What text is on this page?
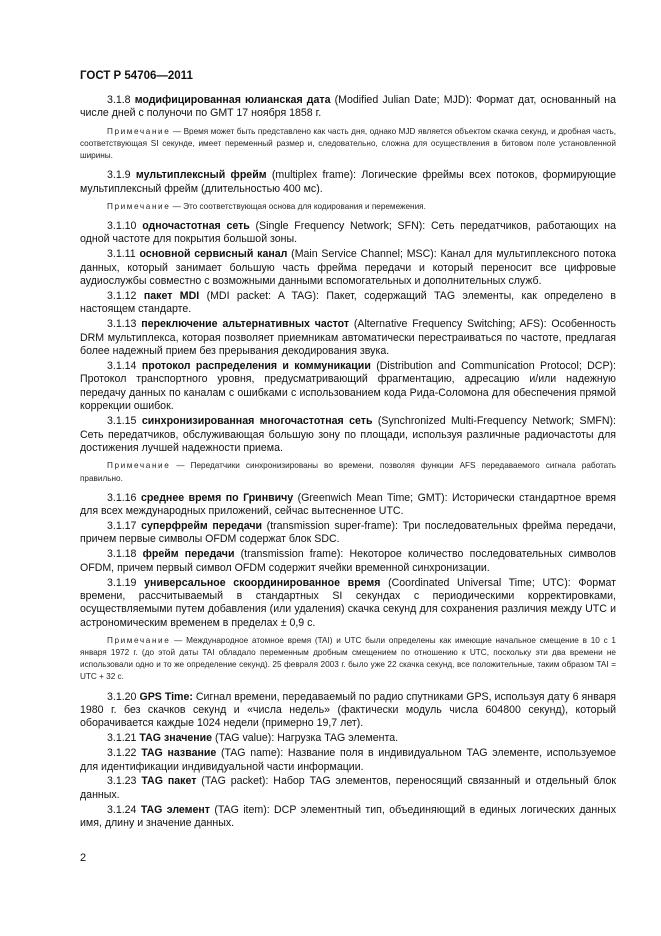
ГОСТ Р 54706—2011

3.1.8 модифицированная юлианская дата (Modified Julian Date; MJD): Формат дат, основанный на числе дней с полуночи по GMT 17 ноября 1858 г.

Примечание — Время может быть представлено как часть дня, однако MJD является объектом скачка секунд, и дробная часть, соответствующая SI секунде, имеет переменный размер и, следовательно, сложна для осуществления в битовом поле установленной ширины.

3.1.9 мультиплексный фрейм (multiplex frame): Логические фреймы всех потоков, формирующие мультиплексный фрейм (длительностью 400 мс).

Примечание — Это соответствующая основа для кодирования и перемежения.

3.1.10 одночастотная сеть (Single Frequency Network; SFN): Сеть передатчиков, работающих на одной частоте для покрытия большой зоны.

3.1.11 основной сервисный канал (Main Service Channel; MSC): Канал для мультиплексного потока данных, который занимает большую часть фрейма передачи и который переносит все цифровые аудиослужбы совместно с возможными данными вспомогательных и дополнительных служб.

3.1.12 пакет MDI (MDI packet: A TAG): Пакет, содержащий TAG элементы, как определено в настоящем стандарте.

3.1.13 переключение альтернативных частот (Alternative Frequency Switching; AFS): Особенность DRM мультиплекса, которая позволяет приемникам автоматически перестраиваться по частоте, предлагая более надежный прием без прерывания декодирования звука.

3.1.14 протокол распределения и коммуникации (Distribution and Communication Protocol; DCP): Протокол транспортного уровня, предусматривающий фрагментацию, адресацию и/или надежную передачу данных по каналам с ошибками с использованием кода Рида-Соломона для обеспечения прямой коррекции ошибок.

3.1.15 синхронизированная многочастотная сеть (Synchronized Multi-Frequency Network; SMFN): Сеть передатчиков, обслуживающая большую зону по площади, используя различные радиочастоты для достижения лучшей надежности приема.

Примечание — Передатчики синхронизированы во времени, позволяя функции AFS передаваемого сигнала работать правильно.

3.1.16 среднее время по Гринвичу (Greenwich Mean Time; GMT): Исторически стандартное время для всех международных приложений, сейчас вытесненное UTC.

3.1.17 суперфрейм передачи (transmission super-frame): Три последовательных фрейма передачи, причем первые символы OFDM содержат блок SDC.

3.1.18 фрейм передачи (transmission frame): Некоторое количество последовательных символов OFDM, причем первый символ OFDM содержит ячейки временной синхронизации.

3.1.19 универсальное скоординированное время (Coordinated Universal Time; UTC): Формат времени, рассчитываемый в стандартных SI секундах с периодическими корректировками, осуществляемыми путем добавления (или удаления) скачка секунд для сохранения различия между UTC и астрономическим временем в пределах ± 0,9 с.

Примечание — Международное атомное время (TAI) и UTC были определены как имеющие начальное смещение в 10 с 1 января 1972 г. (до этой даты TAI обладало переменным дробным смещением по отношению к UTC, поскольку эти два времени не использовали одно и то же определение секунд). 25 февраля 2003 г. было уже 22 скачка секунд, все положительные, таким образом TAI = UTC + 32 с.

3.1.20 GPS Time: Сигнал времени, передаваемый по радио спутниками GPS, используя дату 6 января 1980 г. без скачков секунд и «числа недель» (фактически модуль числа 604800 секунд), который оборачивается каждые 1024 недели (примерно 19,7 лет).

3.1.21 TAG значение (TAG value): Нагрузка TAG элемента.

3.1.22 TAG название (TAG name): Название поля в индивидуальном TAG элементе, используемое для идентификации индивидуальной части информации.

3.1.23 TAG пакет (TAG packet): Набор TAG элементов, переносящий связанный и отдельный блок данных.

3.1.24 TAG элемент (TAG item): DCP элементный тип, объединяющий в единых логических данных имя, длину и значение данных.

2
